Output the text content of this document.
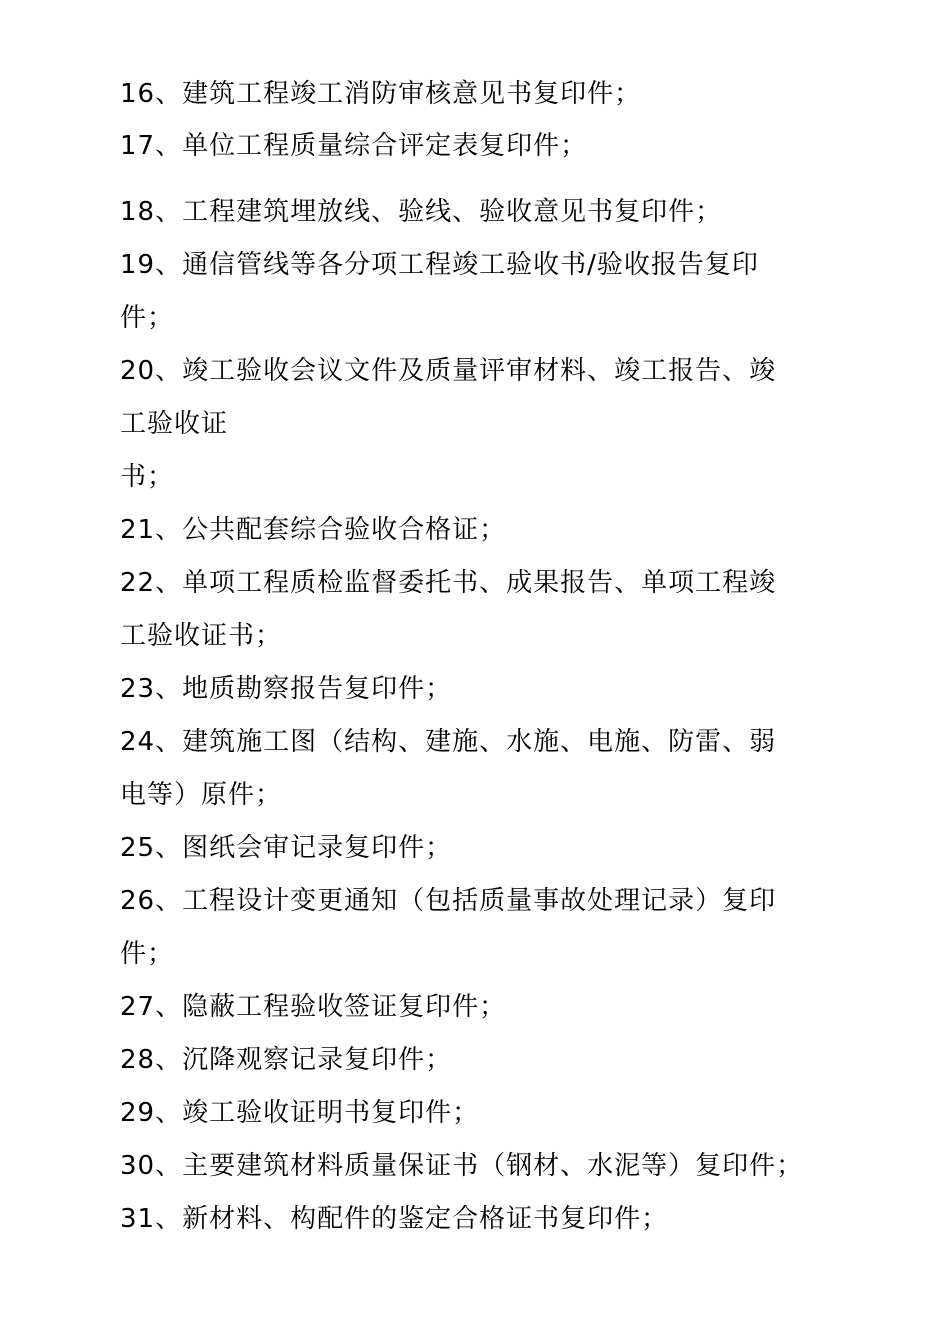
16、建筑工程竣工消防审核意见书复印件；
17、单位工程质量综合评定表复印件；
18、工程建筑埋放线、验线、验收意见书复印件；
19、通信管线等各分项工程竣工验收书/验收报告复印
件；
20、竣工验收会议文件及质量评审材料、竣工报告、竣
工验收证
书；
21、公共配套综合验收合格证；
22、单项工程质检监督委托书、成果报告、单项工程竣
工验收证书；
23、地质勘察报告复印件；
24、建筑施工图（结构、建施、水施、电施、防雷、弱
电等）原件；
25、图纸会审记录复印件；
26、工程设计变更通知（包括质量事故处理记录）复印
件；
27、隐蔽工程验收签证复印件；
28、沉降观察记录复印件；
29、竣工验收证明书复印件；
30、主要建筑材料质量保证书（钢材、水泥等）复印件；
31、新材料、构配件的鉴定合格证书复印件；
